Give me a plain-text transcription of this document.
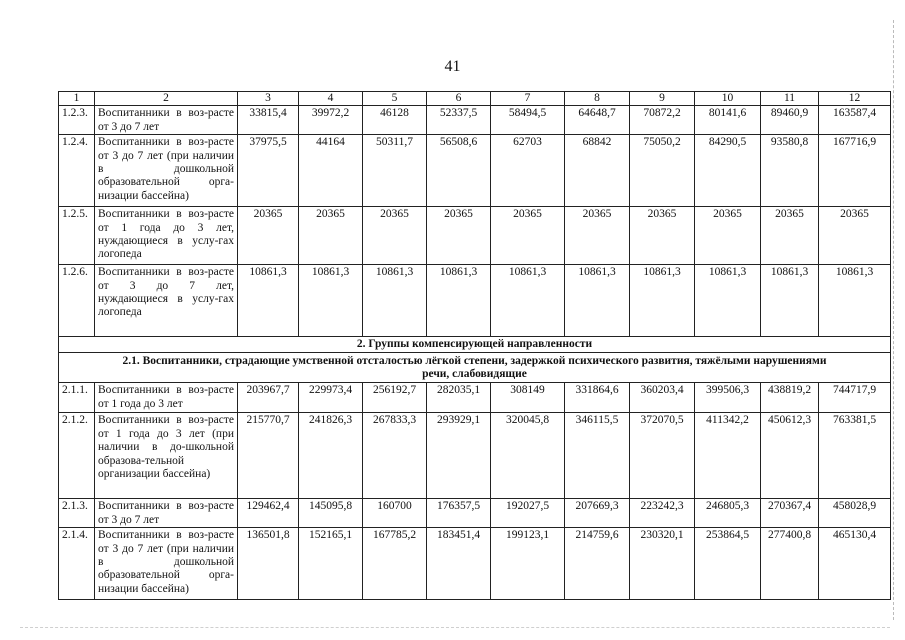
41
1	2	3	4	5	6	7	8	9	10	11	12
1.2.3.	Воспитанники в воз-расте от 3 до 7 лет	33815,4	39972,2	46128	52337,5	58494,5	64648,7	70872,2	80141,6	89460,9	163587,4
1.2.4.	Воспитанники в воз-расте от 3 до 7 лет (при наличии в дошкольной образовательной орга-низации бассейна)	37975,5	44164	50311,7	56508,6	62703	68842	75050,2	84290,5	93580,8	167716,9
1.2.5.	Воспитанники в воз-расте от 1 года до 3 лет, нуждающиеся в услу-гах логопеда	20365	20365	20365	20365	20365	20365	20365	20365	20365	20365
1.2.6.	Воспитанники в воз-расте от 3 до 7 лет, нуждающиеся в услу-гах логопеда	10861,3	10861,3	10861,3	10861,3	10861,3	10861,3	10861,3	10861,3	10861,3	10861,3
2. Группы компенсирующей направленности											
2.1. Воспитанники, страдающие умственной отсталостью лёгкой степени, задержкой психического развития, тяжёлыми нарушениями речи, слабовидящие											
2.1.1.	Воспитанники в воз-расте от 1 года до 3 лет	203967,7	229973,4	256192,7	282035,1	308149	331864,6	360203,4	399506,3	438819,2	744717,9
2.1.2.	Воспитанники в воз-расте от 1 года до 3 лет (при наличии в до-школьной образова-тельной организации бассейна)	215770,7	241826,3	267833,3	293929,1	320045,8	346115,5	372070,5	411342,2	450612,3	763381,5
2.1.3.	Воспитанники в воз-расте от 3 до 7 лет	129462,4	145095,8	160700	176357,5	192027,5	207669,3	223242,3	246805,3	270367,4	458028,9
2.1.4.	Воспитанники в воз-расте от 3 до 7 лет (при наличии в дошкольной образовательной орга-низации бассейна)	136501,8	152165,1	167785,2	183451,4	199123,1	214759,6	230320,1	253864,5	277400,8	465130,4
